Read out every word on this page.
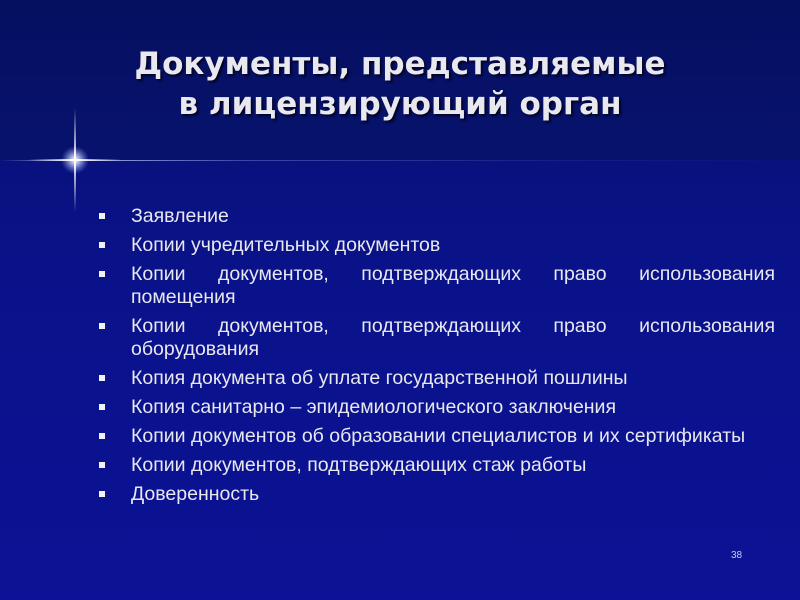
Документы, представляемые
в лицензирующий орган
Заявление
Копии учредительных документов
Копии документов, подтверждающих право использования помещения
Копии документов, подтверждающих право использования оборудования
Копия документа об уплате государственной пошлины
Копия санитарно – эпидемиологического заключения
Копии документов об образовании специалистов и их сертификаты
Копии документов, подтверждающих стаж работы
Доверенность
38
